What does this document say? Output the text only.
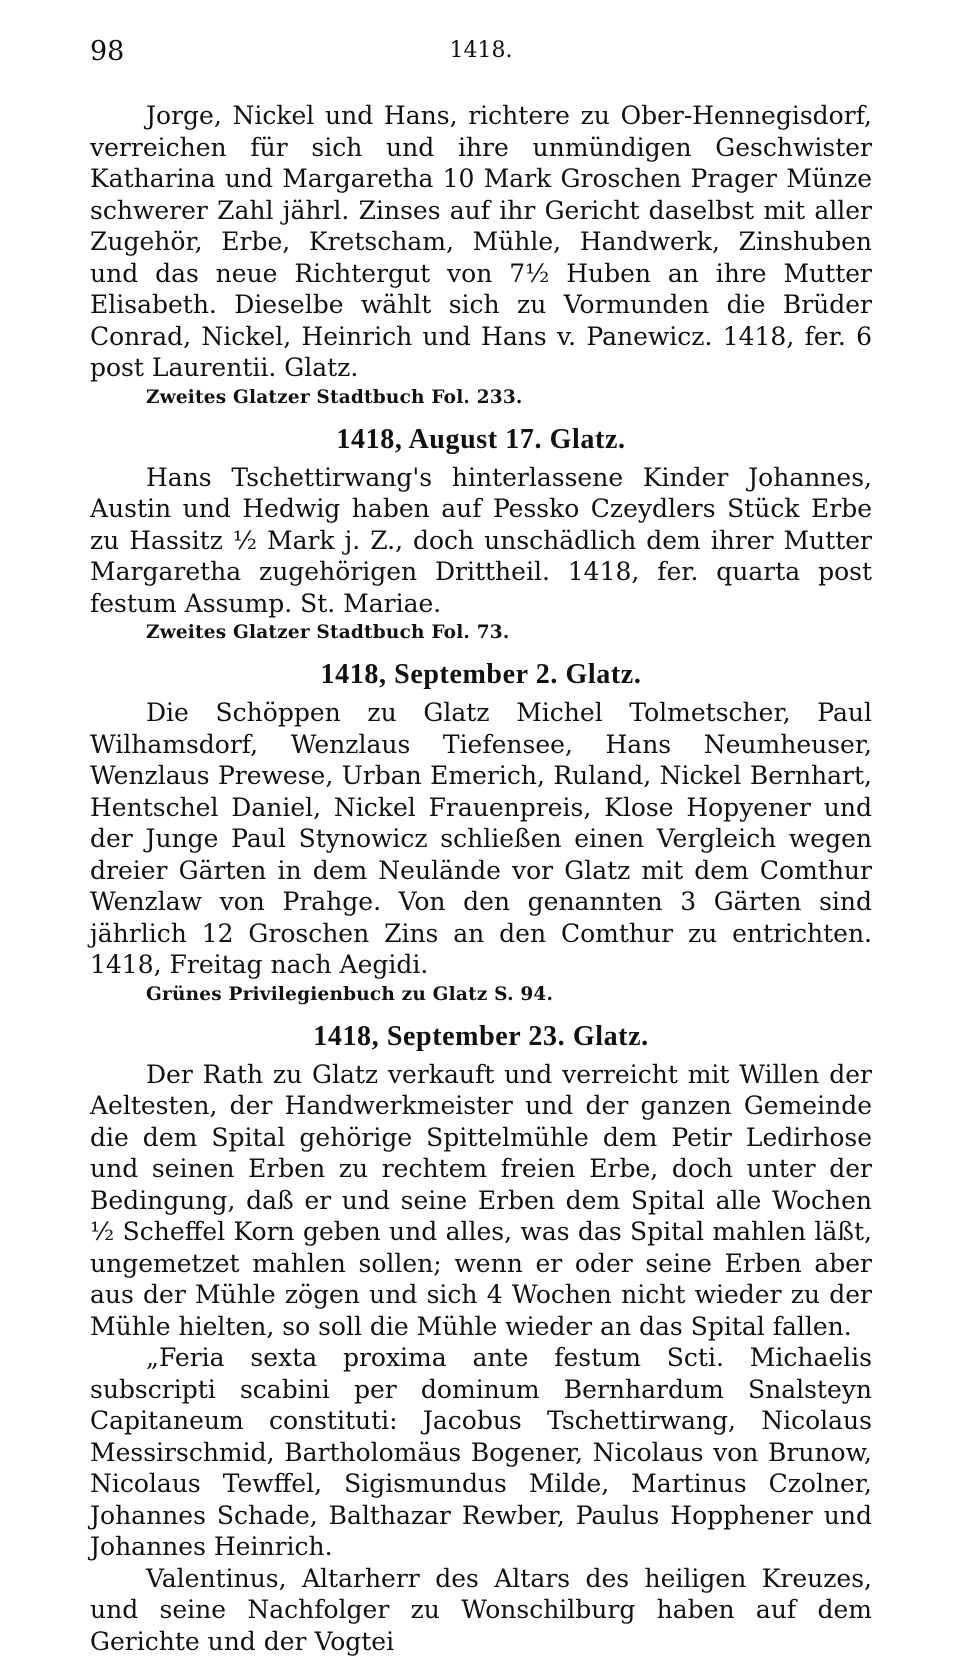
98	1418.

Jorge, Nickel und Hans, richtere zu Ober-Hennegisdorf, verreichen für sich und ihre unmündigen Geschwister Katharina und Margaretha 10 Mark Groschen Prager Münze schwerer Zahl jährl. Zinses auf ihr Gericht daselbst mit aller Zugehör, Erbe, Kretscham, Mühle, Handwerk, Zinshuben und das neue Richtergut von 7½ Huben an ihre Mutter Elisabeth. Dieselbe wählt sich zu Vormunden die Brüder Conrad, Nickel, Heinrich und Hans v. Panewicz. 1418, fer. 6 post Laurentii. Glatz.

Zweites Glatzer Stadtbuch Fol. 233.

1418, August 17. Glatz.

Hans Tschettirwang's hinterlassene Kinder Johannes, Austin und Hedwig haben auf Pessko Czeydlers Stück Erbe zu Hassitz ½ Mark j. Z., doch unschädlich dem ihrer Mutter Margaretha zugehörigen Drittheil. 1418, fer. quarta post festum Assump. St. Mariae.

Zweites Glatzer Stadtbuch Fol. 73.

1418, September 2. Glatz.

Die Schöppen zu Glatz Michel Tolmetscher, Paul Wilhamsdorf, Wenzlaus Tiefensee, Hans Neumheuser, Wenzlaus Prewese, Urban Emerich, Ruland, Nickel Bernhart, Hentschel Daniel, Nickel Frauenpreis, Klose Hopyener und der Junge Paul Stynowicz schließen einen Vergleich wegen dreier Gärten in dem Neulände vor Glatz mit dem Comthur Wenzlaw von Prahge. Von den genannten 3 Gärten sind jährlich 12 Groschen Zins an den Comthur zu entrichten. 1418, Freitag nach Aegidi.

Grünes Privilegienbuch zu Glatz S. 94.

1418, September 23. Glatz.

Der Rath zu Glatz verkauft und verreicht mit Willen der Aeltesten, der Handwerkmeister und der ganzen Gemeinde die dem Spital gehörige Spittelmühle dem Petir Ledirhose und seinen Erben zu rechtem freien Erbe, doch unter der Bedingung, daß er und seine Erben dem Spital alle Wochen ½ Scheffel Korn geben und alles, was das Spital mahlen läßt, ungemetzet mahlen sollen; wenn er oder seine Erben aber aus der Mühle zögen und sich 4 Wochen nicht wieder zu der Mühle hielten, so soll die Mühle wieder an das Spital fallen.

„Feria sexta proxima ante festum Scti. Michaelis subscripti scabini per dominum Bernhardum Snalsteyn Capitaneum constituti: Jacobus Tschettirwang, Nicolaus Messirschmid, Bartholomäus Bogener, Nicolaus von Brunow, Nicolaus Tewffel, Sigismundus Milde, Martinus Czolner, Johannes Schade, Balthazar Rewber, Paulus Hopphener und Johannes Heinrich.

Valentinus, Altarherr des Altars des heiligen Kreuzes, und seine Nachfolger zu Wonschilburg haben auf dem Gerichte und der Vogtei
